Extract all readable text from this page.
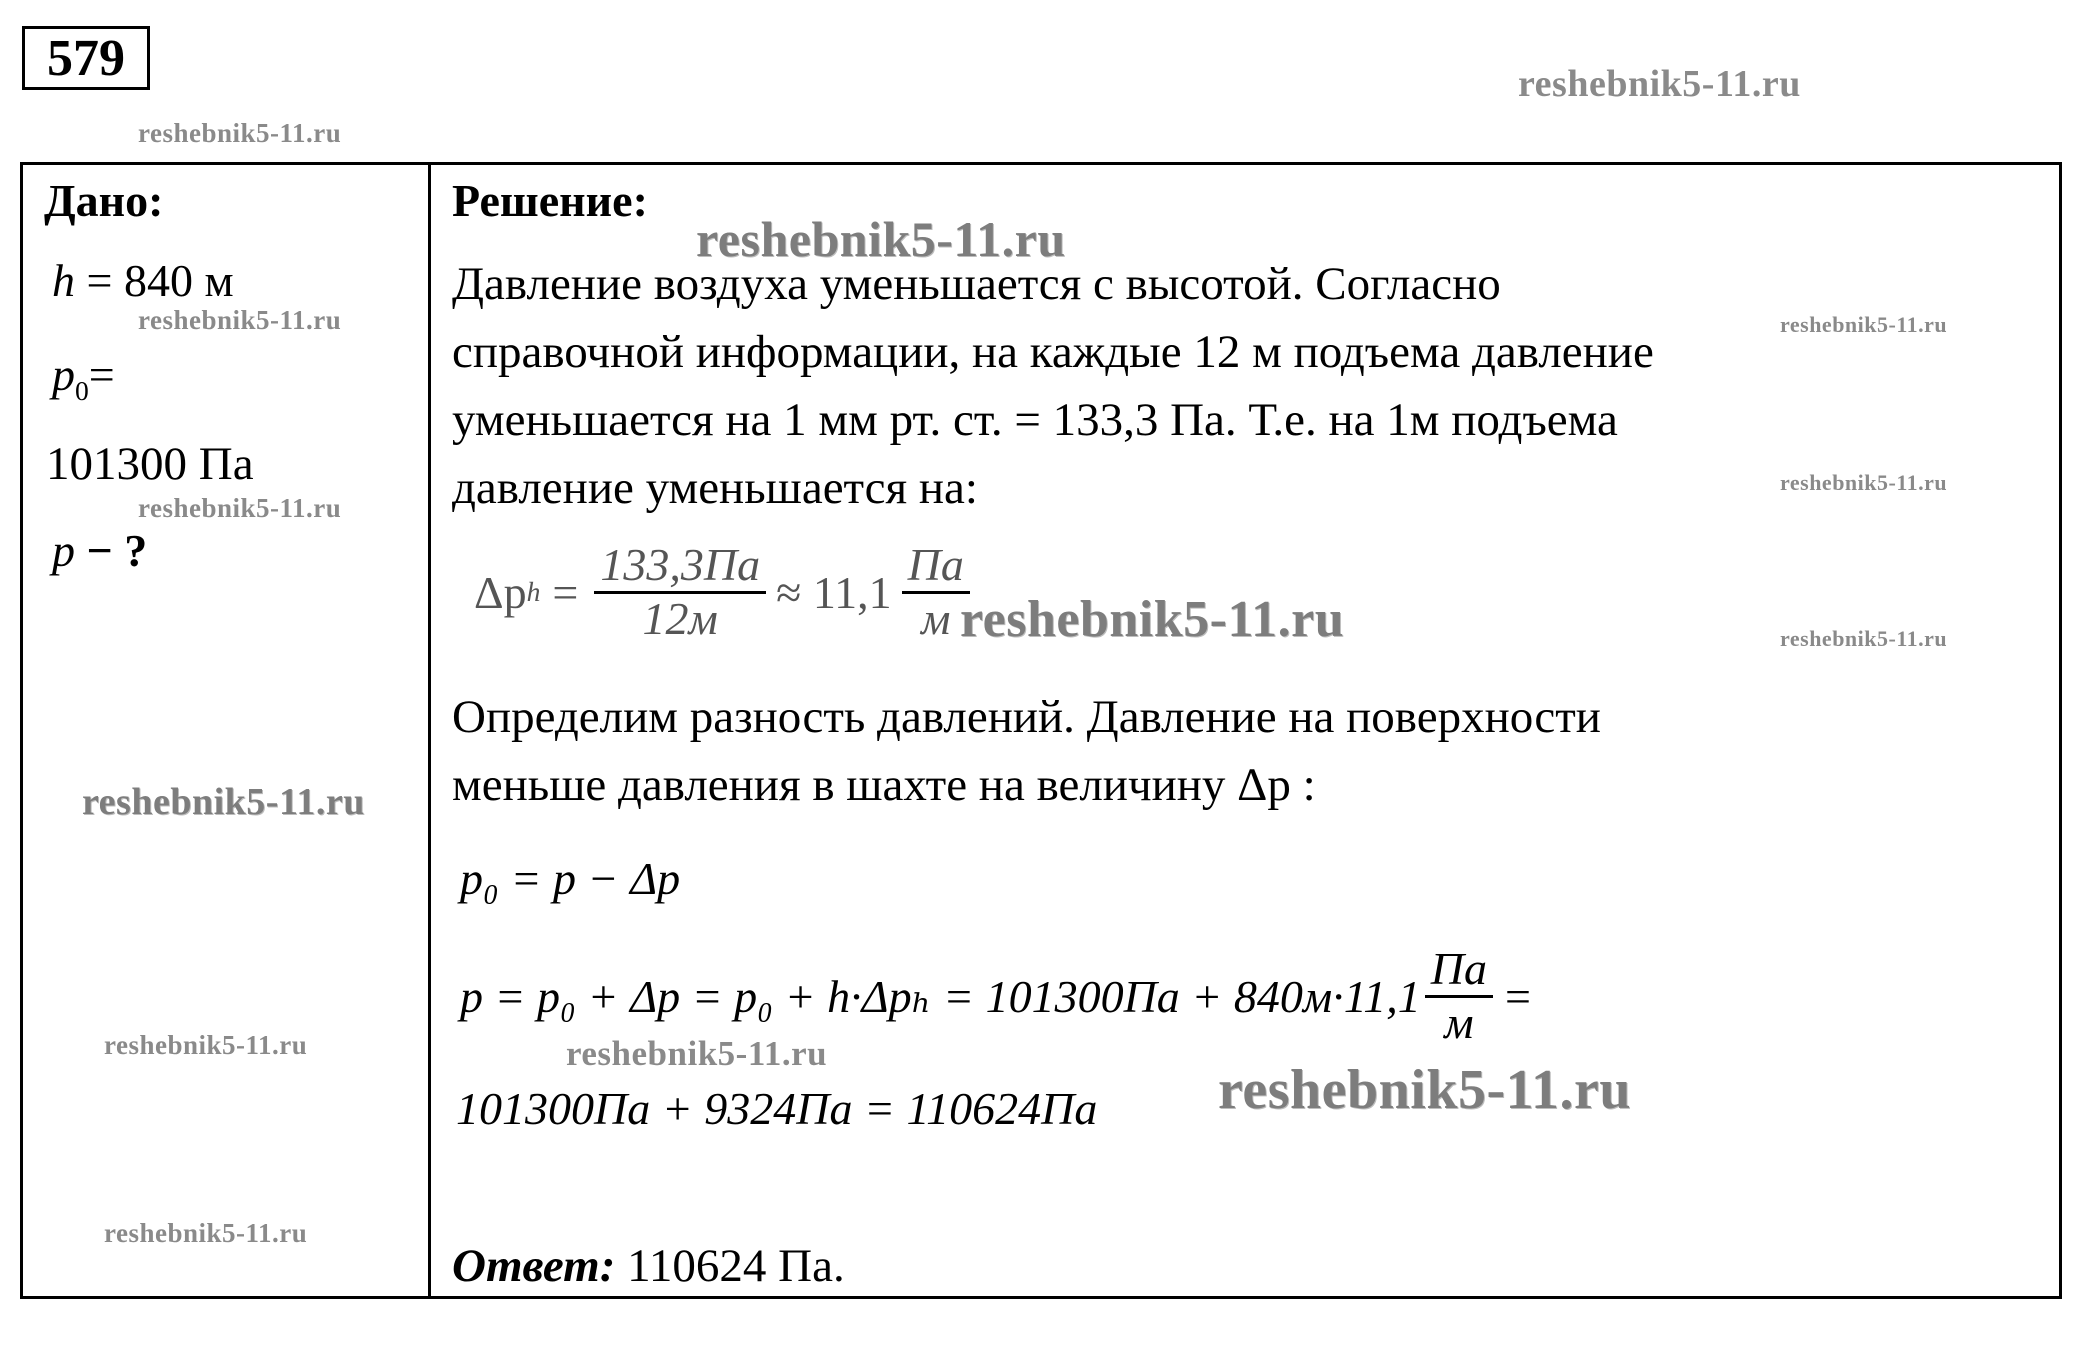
579	reshebnik5-11.ru
reshebnik5-11.ru
Дано:
h = 840 м
$p_0=$
101300 Па
p − ?
reshebnik5-11.ru
reshebnik5-11.ru
reshebnik5-11.ru
reshebnik5-11.ru
reshebnik5-11.ru
Решение:
reshebnik5-11.ru
Давление воздуха уменьшается с высотой. Согласно
справочной информации, на каждые 12 м подъема давление
уменьшается на 1 мм рт. ст. = 133,3 Па. Т.е. на 1м подъема
давление уменьшается на:
reshebnik5-11.ru
reshebnik5-11.ru
reshebnik5-11.ru
Δp $h = \frac{133,3Па}{12м} \approx 11,1 \frac{Па}{м}$
reshebnik5-11.ru
Определим разность давлений. Давление на поверхности
меньше давления в шахте на величину Δp :
p₀ = p − Δp
$p = p_0 + \Delta p = p_0 + h\cdot\Delta p_h = 101300Па + 840м\cdot 11,1 \frac{Па}{м}$ =
reshebnik5-11.ru
101300Па + 9324Па = 110624Па reshebnik5-11.ru
Ответ: 110624 Па.
